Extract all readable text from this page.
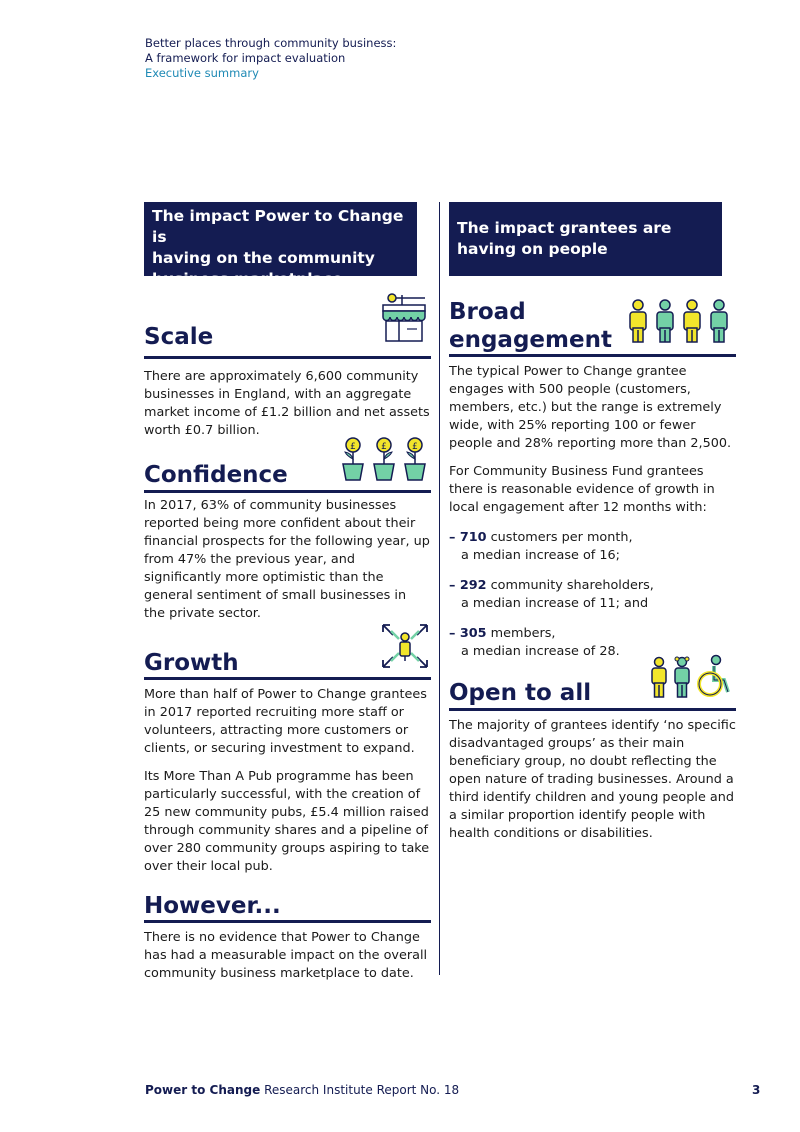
Better places through community business:
A framework for impact evaluation
Executive summary
The impact Power to Change is
having on the community
business marketplace
Scale
There are approximately 6,600 community businesses in England, with an aggregate market income of £1.2 billion and net assets worth £0.7 billion.
Confidence
£	£	£
In 2017, 63% of community businesses reported being more confident about their financial prospects for the following year, up from 47% the previous year, and significantly more optimistic than the general sentiment of small businesses in the private sector.
Growth
More than half of Power to Change grantees in 2017 reported recruiting more staff or volunteers, attracting more customers or clients, or securing investment to expand.
Its More Than A Pub programme has been particularly successful, with the creation of 25 new community pubs, £5.4 million raised through community shares and a pipeline of over 280 community groups aspiring to take over their local pub.
However...
There is no evidence that Power to Change has had a measurable impact on the overall community business marketplace to date.
The impact grantees are
having on people
Broad
engagement
The typical Power to Change grantee engages with 500 people (customers, members, etc.) but the range is extremely wide, with 25% reporting 100 or fewer people and 28% reporting more than 2,500.
For Community Business Fund grantees there is reasonable evidence of growth in local engagement after 12 months with:
– 710 customers per month,
a median increase of 16;
– 292 community shareholders,
a median increase of 11; and
– 305 members,
a median increase of 28.
Open to all
The majority of grantees identify ‘no specific disadvantaged groups’ as their main beneficiary group, no doubt reflecting the open nature of trading businesses. Around a third identify children and young people and a similar proportion identify people with health conditions or disabilities.
Power to Change Research Institute Report No. 18	3
